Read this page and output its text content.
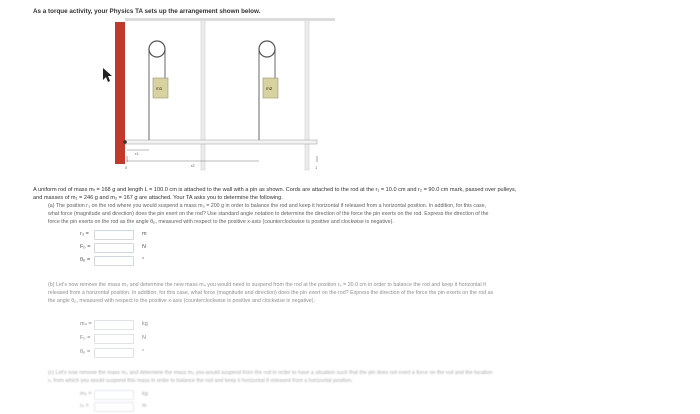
As a torque activity, your Physics TA sets up the arrangement shown below.
m1	m2
0	1
r1
r2

A uniform rod of mass mᵣ = 168 g and length L = 100.0 cm is attached to the wall with a pin as shown. Cords are attached to the rod at the r₁ = 10.0 cm and r₂ = 90.0 cm mark, passed over pulleys,

and masses of m₁ = 246 g and m₂ = 167 g are attached. Your TA asks you to determine the following.

(a) The position r₃ on the rod where you would suspend a mass m₃ = 200 g in order to balance the rod and keep it horizontal if released from a horizontal position. In addition, for this case,

what force (magnitude and direction) does the pin exert on the rod? Use standard angle notation to determine the direction of the force the pin exerts on the rod. Express the direction of the

force the pin exerts on the rod as the angle θₚ, measured with respect to the positive x-axis (counterclockwise is positive and clockwise is negative).

r₃ =	m
Fₚ =	N
θₚ =	°

(b) Let's now remove the mass m₃ and determine the new mass m₄ you would need to suspend from the rod at the position r₄ = 20.0 cm in order to balance the rod and keep it horizontal if

released from a horizontal position. In addition, for this case, what force (magnitude and direction) does the pin exert on the rod? Express the direction of the force the pin exerts on the rod as

the angle θₚ, measured with respect to the positive x-axis (counterclockwise is positive and clockwise is negative).

m₄ =	kg
Fₚ =	N
θₚ =	°

(c) Let's now remove the mass m₄ and determine the mass m₅ you would suspend from the rod in order to have a situation such that the pin does not exert a force on the rod and the location

r₅ from which you would suspend this mass in order to balance the rod and keep it horizontal if released from a horizontal position.

m₅ =	kg
r₅ =	m
